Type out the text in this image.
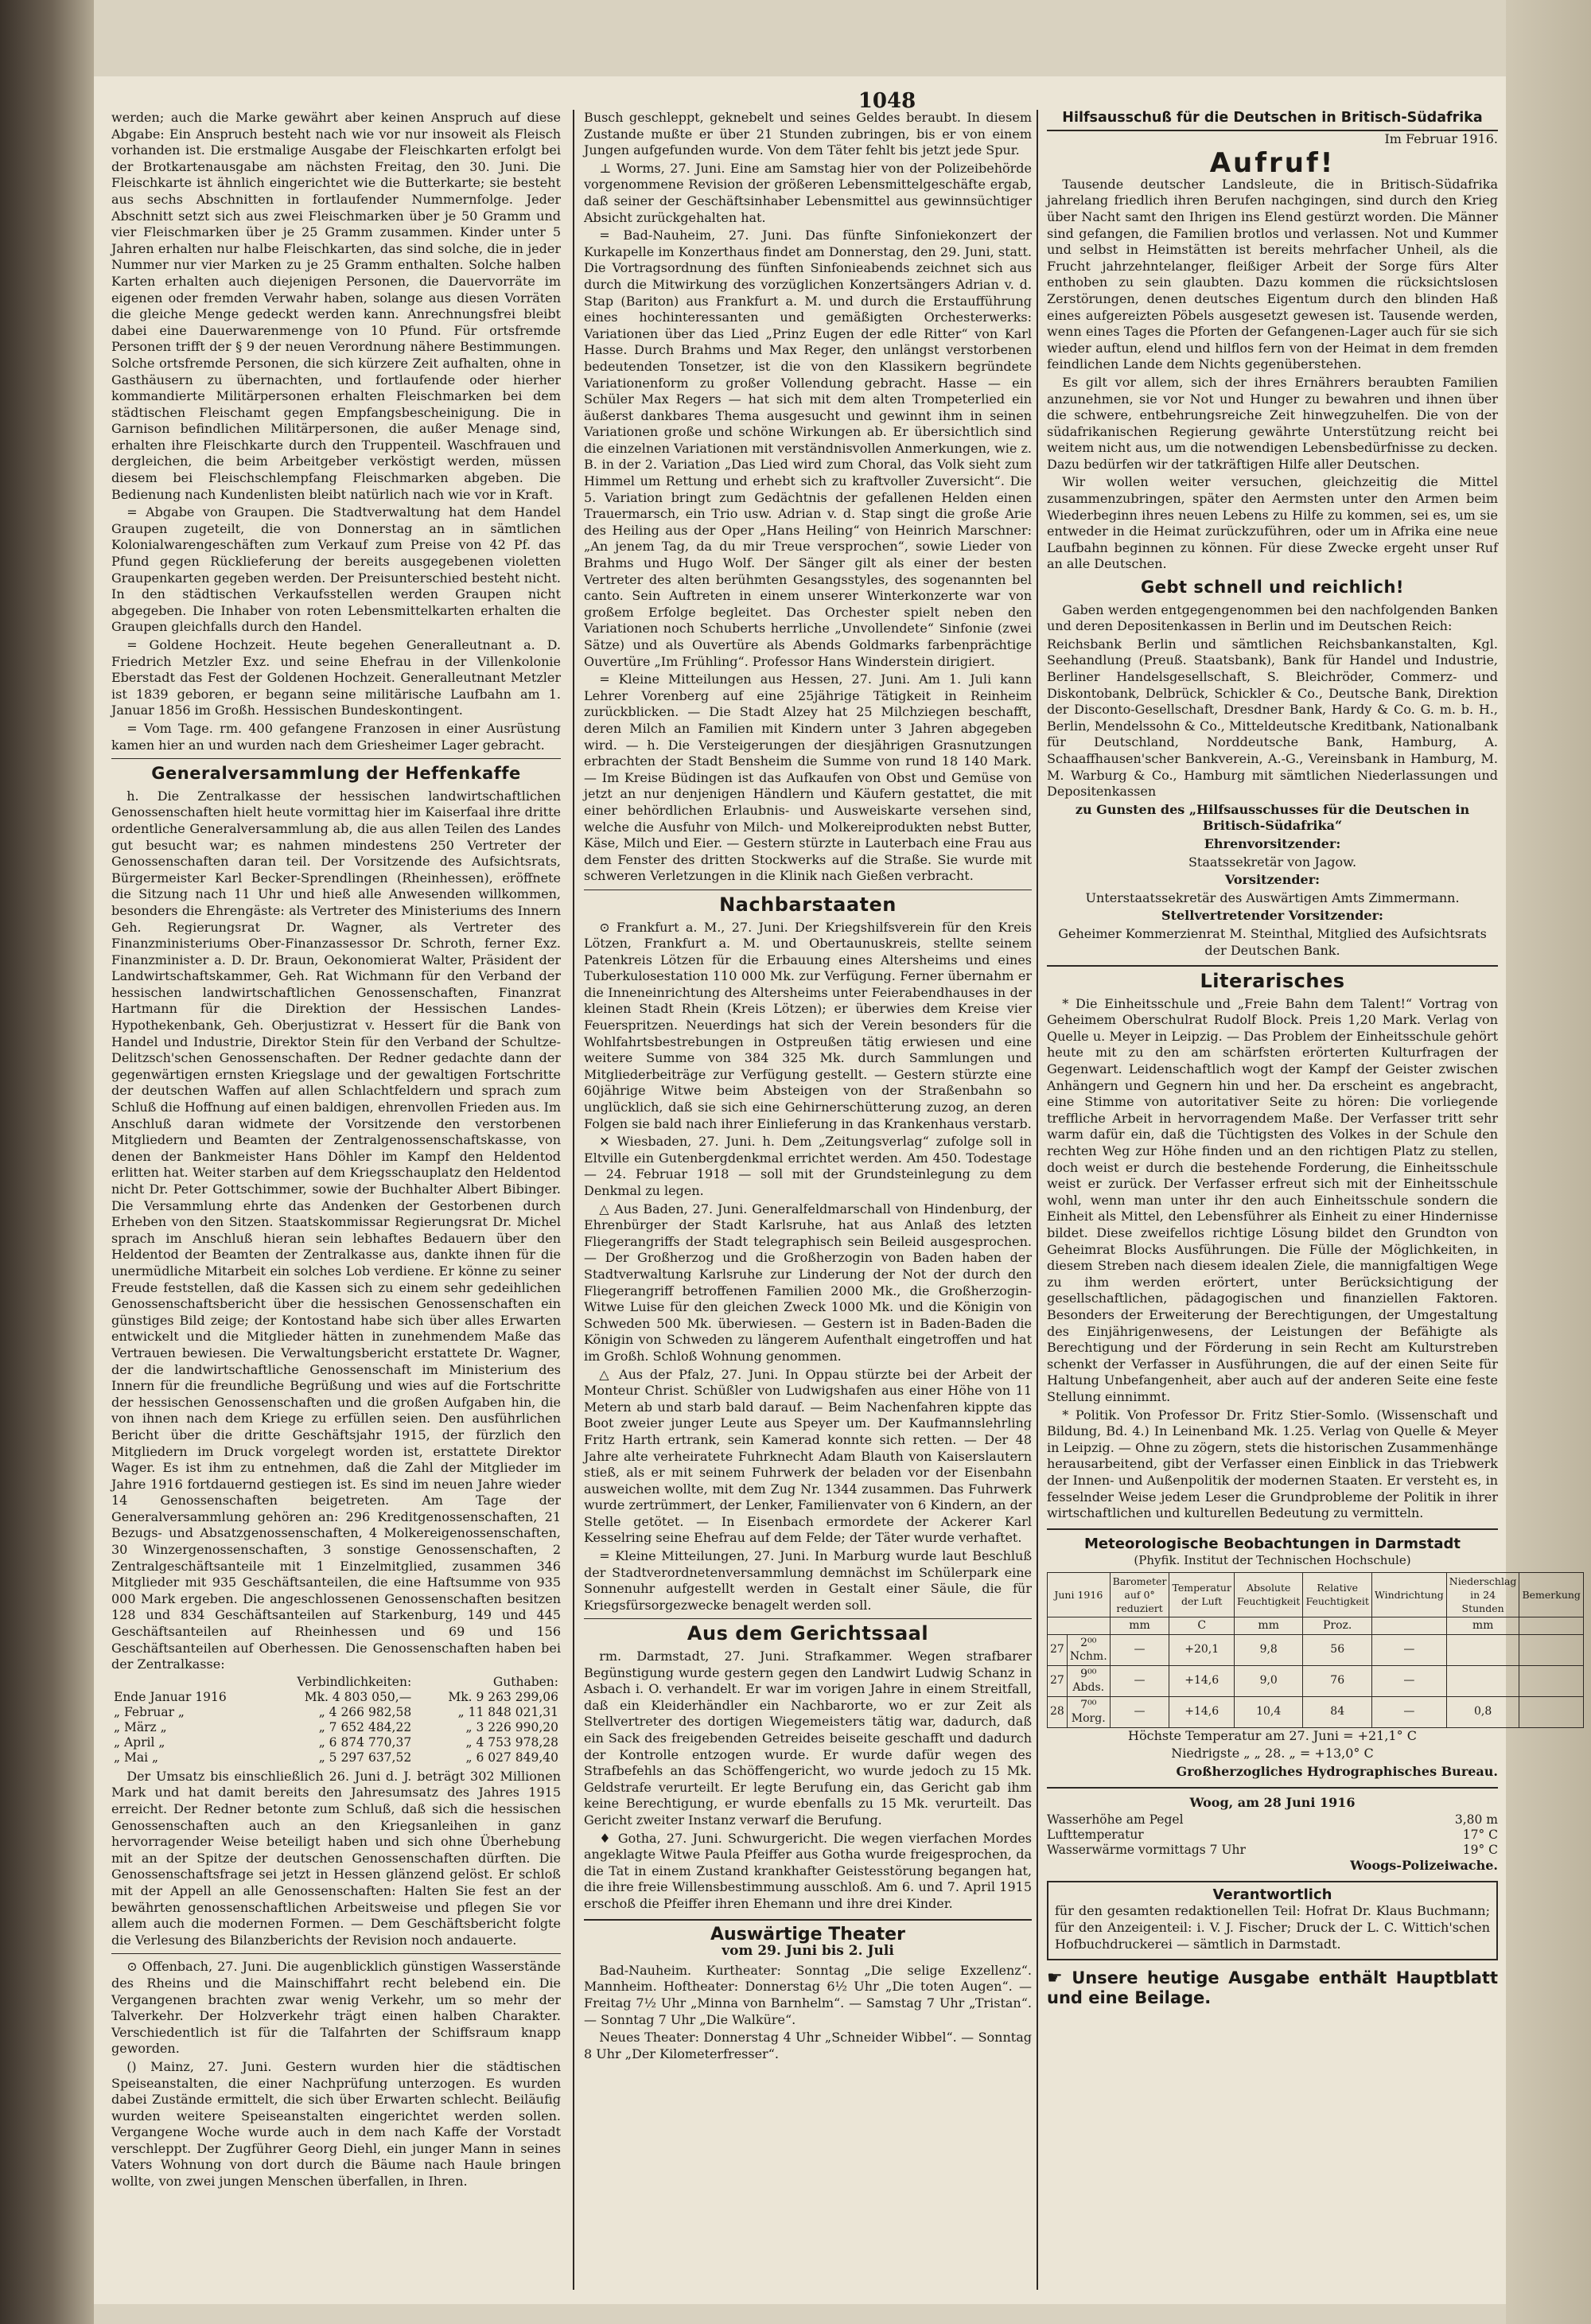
1048

werden; auch die Marke gewährt aber keinen Anspruch auf diese Abgabe: Ein Anspruch besteht nach wie vor nur insoweit als Fleisch vorhanden ist. Die erstmalige Ausgabe der Fleischkarten erfolgt bei der Brotkartenausgabe am nächsten Freitag, den 30. Juni. Die Fleischkarte ist ähnlich eingerichtet wie die Butterkarte; sie besteht aus sechs Abschnitten in fortlaufender Nummernfolge. Jeder Abschnitt setzt sich aus zwei Fleischmarken über je 50 Gramm und vier Fleischmarken über je 25 Gramm zusammen. Kinder unter 5 Jahren erhalten nur halbe Fleischkarten, das sind solche, die in jeder Nummer nur vier Marken zu je 25 Gramm enthalten. Solche halben Karten erhalten auch diejenigen Personen, die Dauervorräte im eigenen oder fremden Verwahr haben, solange aus diesen Vorräten die gleiche Menge gedeckt werden kann. Anrechnungsfrei bleibt dabei eine Dauerwarenmenge von 10 Pfund. Für ortsfremde Personen trifft der § 9 der neuen Verordnung nähere Bestimmungen. Solche ortsfremde Personen, die sich kürzere Zeit aufhalten, ohne in Gasthäusern zu übernachten, und fortlaufende oder hierher kommandierte Militärpersonen erhalten Fleischmarken bei dem städtischen Fleischamt gegen Empfangsbescheinigung. Die in Garnison befindlichen Militärpersonen, die außer Menage sind, erhalten ihre Fleischkarte durch den Truppenteil. Waschfrauen und dergleichen, die beim Arbeitgeber verköstigt werden, müssen diesem bei Fleischschlempfang Fleischmarken abgeben. Die Bedienung nach Kundenlisten bleibt natürlich nach wie vor in Kraft.

= Abgabe von Graupen. Die Stadtverwaltung hat dem Handel Graupen zugeteilt, die von Donnerstag an in sämtlichen Kolonialwarengeschäften zum Verkauf zum Preise von 42 Pf. das Pfund gegen Rücklieferung der bereits ausgegebenen violetten Graupenkarten gegeben werden. Der Preisunterschied besteht nicht. In den städtischen Verkaufsstellen werden Graupen nicht abgegeben. Die Inhaber von roten Lebensmittelkarten erhalten die Graupen gleichfalls durch den Handel.

= Goldene Hochzeit. Heute begehen Generalleutnant a. D. Friedrich Metzler Exz. und seine Ehefrau in der Villenkolonie Eberstadt das Fest der Goldenen Hochzeit. Generalleutnant Metzler ist 1839 geboren, er begann seine militärische Laufbahn am 1. Januar 1856 im Großh. Hessischen Bundeskontingent.

= Vom Tage. rm. 400 gefangene Franzosen in einer Ausrüstung kamen hier an und wurden nach dem Griesheimer Lager gebracht.

Generalversammlung der Heffenkaffe

h. Die Zentralkasse der hessischen landwirtschaftlichen Genossenschaften hielt heute vormittag hier im Kaiserfaal ihre dritte ordentliche Generalversammlung ab, die aus allen Teilen des Landes gut besucht war; es nahmen mindestens 250 Vertreter der Genossenschaften daran teil. Der Vorsitzende des Aufsichtsrats, Bürgermeister Karl Becker-Sprendlingen (Rheinhessen), eröffnete die Sitzung nach 11 Uhr und hieß alle Anwesenden willkommen, besonders die Ehrengäste: als Vertreter des Ministeriums des Innern Geh. Regierungsrat Dr. Wagner, als Vertreter des Finanzministeriums Ober-Finanzassessor Dr. Schroth, ferner Exz. Finanzminister a. D. Dr. Braun, Oekonomierat Walter, Präsident der Landwirtschaftskammer, Geh. Rat Wichmann für den Verband der hessischen landwirtschaftlichen Genossenschaften, Finanzrat Hartmann für die Direktion der Hessischen Landes-Hypothekenbank, Geh. Oberjustizrat v. Hessert für die Bank von Handel und Industrie, Direktor Stein für den Verband der Schultze-Delitzsch'schen Genossenschaften. Der Redner gedachte dann der gegenwärtigen ernsten Kriegslage und der gewaltigen Fortschritte der deutschen Waffen auf allen Schlachtfeldern und sprach zum Schluß die Hoffnung auf einen baldigen, ehrenvollen Frieden aus. Im Anschluß daran widmete der Vorsitzende den verstorbenen Mitgliedern und Beamten der Zentralgenossenschaftskasse, von denen der Bankmeister Hans Döhler im Kampf den Heldentod erlitten hat. Weiter starben auf dem Kriegsschauplatz den Heldentod nicht Dr. Peter Gottschimmer, sowie der Buchhalter Albert Bibinger. Die Versammlung ehrte das Andenken der Gestorbenen durch Erheben von den Sitzen. Staatskommissar Regierungsrat Dr. Michel sprach im Anschluß hieran sein lebhaftes Bedauern über den Heldentod der Beamten der Zentralkasse aus, dankte ihnen für die unermüdliche Mitarbeit ein solches Lob verdiene. Er könne zu seiner Freude feststellen, daß die Kassen sich zu einem sehr gedeihlichen Genossenschaftsbericht über die hessischen Genossenschaften ein günstiges Bild zeige; der Kontostand habe sich über alles Erwarten entwickelt und die Mitglieder hätten in zunehmendem Maße das Vertrauen bewiesen. Die Verwaltungsbericht erstattete Dr. Wagner, der die landwirtschaftliche Genossenschaft im Ministerium des Innern für die freundliche Begrüßung und wies auf die Fortschritte der hessischen Genossenschaften und die großen Aufgaben hin, die von ihnen nach dem Kriege zu erfüllen seien. Den ausführlichen Bericht über die dritte Geschäftsjahr 1915, der fürzlich den Mitgliedern im Druck vorgelegt worden ist, erstattete Direktor Wager. Es ist ihm zu entnehmen, daß die Zahl der Mitglieder im Jahre 1916 fortdauernd gestiegen ist. Es sind im neuen Jahre wieder 14 Genossenschaften beigetreten. Am Tage der Generalversammlung gehören an: 296 Kreditgenossenschaften, 21 Bezugs- und Absatzgenossenschaften, 4 Molkereigenossenschaften, 30 Winzergenossenschaften, 3 sonstige Genossenschaften, 2 Zentralgeschäftsanteile mit 1 Einzelmitglied, zusammen 346 Mitglieder mit 935 Geschäftsanteilen, die eine Haftsumme von 935 000 Mark ergeben. Die angeschlossenen Genossenschaften besitzen 128 und 834 Geschäftsanteilen auf Starkenburg, 149 und 445 Geschäftsanteilen auf Rheinhessen und 69 und 156 Geschäftsanteilen auf Oberhessen. Die Genossenschaften haben bei der Zentralkasse:

	Verbindlichkeiten:	Guthaben:
Ende Januar 1916	Mk. 4 803 050,—	Mk. 9 263 299,06
„ Februar „	„ 4 266 982,58	„ 11 848 021,31
„ März „	„ 7 652 484,22	„ 3 226 990,20
„ April „	„ 6 874 770,37	„ 4 753 978,28
„ Mai „	„ 5 297 637,52	„ 6 027 849,40

Der Umsatz bis einschließlich 26. Juni d. J. beträgt 302 Millionen Mark und hat damit bereits den Jahresumsatz des Jahres 1915 erreicht. Der Redner betonte zum Schluß, daß sich die hessischen Genossenschaften auch an den Kriegsanleihen in ganz hervorragender Weise beteiligt haben und sich ohne Überhebung mit an der Spitze der deutschen Genossenschaften dürften. Die Genossenschaftsfrage sei jetzt in Hessen glänzend gelöst. Er schloß mit der Appell an alle Genossenschaften: Halten Sie fest an der bewährten genossenschaftlichen Arbeitsweise und pflegen Sie vor allem auch die modernen Formen. — Dem Geschäftsbericht folgte die Verlesung des Bilanzberichts der Revision noch andauerte.

⊙ Offenbach, 27. Juni. Die augenblicklich günstigen Wasserstände des Rheins und die Mainschiffahrt recht belebend ein. Die Vergangenen brachten zwar wenig Verkehr, um so mehr der Talverkehr. Der Holzverkehr trägt einen halben Charakter. Verschiedentlich ist für die Talfahrten der Schiffsraum knapp geworden.

() Mainz, 27. Juni. Gestern wurden hier die städtischen Speiseanstalten, die einer Nachprüfung unterzogen. Es wurden dabei Zustände ermittelt, die sich über Erwarten schlecht. Beiläufig wurden weitere Speiseanstalten eingerichtet werden sollen. Vergangene Woche wurde auch in dem nach Kaffe der Vorstadt verschleppt. Der Zugführer Georg Diehl, ein junger Mann in seines Vaters Wohnung von dort durch die Bäume nach Haule bringen wollte, von zwei jungen Menschen überfallen, in Ihren.

Busch geschleppt, geknebelt und seines Geldes beraubt. In diesem Zustande mußte er über 21 Stunden zubringen, bis er von einem Jungen aufgefunden wurde. Von dem Täter fehlt bis jetzt jede Spur.

⊥ Worms, 27. Juni. Eine am Samstag hier von der Polizeibehörde vorgenommene Revision der größeren Lebensmittelgeschäfte ergab, daß seiner der Geschäftsinhaber Lebensmittel aus gewinnsüchtiger Absicht zurückgehalten hat.

= Bad-Nauheim, 27. Juni. Das fünfte Sinfoniekonzert der Kurkapelle im Konzerthaus findet am Donnerstag, den 29. Juni, statt. Die Vortragsordnung des fünften Sinfonieabends zeichnet sich aus durch die Mitwirkung des vorzüglichen Konzertsängers Adrian v. d. Stap (Bariton) aus Frankfurt a. M. und durch die Erstaufführung eines hochinteressanten und gemäßigten Orchesterwerks: Variationen über das Lied „Prinz Eugen der edle Ritter“ von Karl Hasse. Durch Brahms und Max Reger, den unlängst verstorbenen bedeutenden Tonsetzer, ist die von den Klassikern begründete Variationenform zu großer Vollendung gebracht. Hasse — ein Schüler Max Regers — hat sich mit dem alten Trompeterlied ein äußerst dankbares Thema ausgesucht und gewinnt ihm in seinen Variationen große und schöne Wirkungen ab. Er übersichtlich sind die einzelnen Variationen mit verständnisvollen Anmerkungen, wie z. B. in der 2. Variation „Das Lied wird zum Choral, das Volk sieht zum Himmel um Rettung und erhebt sich zu kraftvoller Zuversicht“. Die 5. Variation bringt zum Gedächtnis der gefallenen Helden einen Trauermarsch, ein Trio usw. Adrian v. d. Stap singt die große Arie des Heiling aus der Oper „Hans Heiling“ von Heinrich Marschner: „An jenem Tag, da du mir Treue versprochen“, sowie Lieder von Brahms und Hugo Wolf. Der Sänger gilt als einer der besten Vertreter des alten berühmten Gesangsstyles, des sogenannten bel canto. Sein Auftreten in einem unserer Winterkonzerte war von großem Erfolge begleitet. Das Orchester spielt neben den Variationen noch Schuberts herrliche „Unvollendete“ Sinfonie (zwei Sätze) und als Ouvertüre als Abends Goldmarks farbenprächtige Ouvertüre „Im Frühling“. Professor Hans Winderstein dirigiert.

= Kleine Mitteilungen aus Hessen, 27. Juni. Am 1. Juli kann Lehrer Vorenberg auf eine 25jährige Tätigkeit in Reinheim zurückblicken. — Die Stadt Alzey hat 25 Milchziegen beschafft, deren Milch an Familien mit Kindern unter 3 Jahren abgegeben wird. — h. Die Versteigerungen der diesjährigen Grasnutzungen erbrachten der Stadt Bensheim die Summe von rund 18 140 Mark. — Im Kreise Büdingen ist das Aufkaufen von Obst und Gemüse von jetzt an nur denjenigen Händlern und Käufern gestattet, die mit einer behördlichen Erlaubnis- und Ausweiskarte versehen sind, welche die Ausfuhr von Milch- und Molkereiprodukten nebst Butter, Käse, Milch und Eier. — Gestern stürzte in Lauterbach eine Frau aus dem Fenster des dritten Stockwerks auf die Straße. Sie wurde mit schweren Verletzungen in die Klinik nach Gießen verbracht.

Nachbarstaaten

⊙ Frankfurt a. M., 27. Juni. Der Kriegshilfsverein für den Kreis Lötzen, Frankfurt a. M. und Obertaunuskreis, stellte seinem Patenkreis Lötzen für die Erbauung eines Altersheims und eines Tuberkulosestation 110 000 Mk. zur Verfügung. Ferner übernahm er die Inneneinrichtung des Altersheims unter Feierabendhauses in der kleinen Stadt Rhein (Kreis Lötzen); er überwies dem Kreise vier Feuerspritzen. Neuerdings hat sich der Verein besonders für die Wohlfahrtsbestrebungen in Ostpreußen tätig erwiesen und eine weitere Summe von 384 325 Mk. durch Sammlungen und Mitgliederbeiträge zur Verfügung gestellt. — Gestern stürzte eine 60jährige Witwe beim Absteigen von der Straßenbahn so unglücklich, daß sie sich eine Gehirnerschütterung zuzog, an deren Folgen sie bald nach ihrer Einlieferung in das Krankenhaus verstarb.

✕ Wiesbaden, 27. Juni. h. Dem „Zeitungsverlag“ zufolge soll in Eltville ein Gutenbergdenkmal errichtet werden. Am 450. Todestage — 24. Februar 1918 — soll mit der Grundsteinlegung zu dem Denkmal zu legen.

△ Aus Baden, 27. Juni. Generalfeldmarschall von Hindenburg, der Ehrenbürger der Stadt Karlsruhe, hat aus Anlaß des letzten Fliegerangriffs der Stadt telegraphisch sein Beileid ausgesprochen. — Der Großherzog und die Großherzogin von Baden haben der Stadtverwaltung Karlsruhe zur Linderung der Not der durch den Fliegerangriff betroffenen Familien 2000 Mk., die Großherzogin-Witwe Luise für den gleichen Zweck 1000 Mk. und die Königin von Schweden 500 Mk. überwiesen. — Gestern ist in Baden-Baden die Königin von Schweden zu längerem Aufenthalt eingetroffen und hat im Großh. Schloß Wohnung genommen.

△ Aus der Pfalz, 27. Juni. In Oppau stürzte bei der Arbeit der Monteur Christ. Schüßler von Ludwigshafen aus einer Höhe von 11 Metern ab und starb bald darauf. — Beim Nachenfahren kippte das Boot zweier junger Leute aus Speyer um. Der Kaufmannslehrling Fritz Harth ertrank, sein Kamerad konnte sich retten. — Der 48 Jahre alte verheiratete Fuhrknecht Adam Blauth von Kaiserslautern stieß, als er mit seinem Fuhrwerk der beladen vor der Eisenbahn ausweichen wollte, mit dem Zug Nr. 1344 zusammen. Das Fuhrwerk wurde zertrümmert, der Lenker, Familienvater von 6 Kindern, an der Stelle getötet. — In Eisenbach ermordete der Ackerer Karl Kesselring seine Ehefrau auf dem Felde; der Täter wurde verhaftet.

= Kleine Mitteilungen, 27. Juni. In Marburg wurde laut Beschluß der Stadtverordnetenversammlung demnächst im Schülerpark eine Sonnenuhr aufgestellt werden in Gestalt einer Säule, die für Kriegsfürsorgezwecke benagelt werden soll.

Aus dem Gerichtssaal

rm. Darmstadt, 27. Juni. Strafkammer. Wegen strafbarer Begünstigung wurde gestern gegen den Landwirt Ludwig Schanz in Asbach i. O. verhandelt. Er war im vorigen Jahre in einem Streitfall, daß ein Kleiderhändler ein Nachbarorte, wo er zur Zeit als Stellvertreter des dortigen Wiegemeisters tätig war, dadurch, daß ein Sack des freigebenden Getreides beiseite geschafft und dadurch der Kontrolle entzogen wurde. Er wurde dafür wegen des Strafbefehls an das Schöffengericht, wo wurde jedoch zu 15 Mk. Geldstrafe verurteilt. Er legte Berufung ein, das Gericht gab ihm keine Berechtigung, er wurde ebenfalls zu 15 Mk. verurteilt. Das Gericht zweiter Instanz verwarf die Berufung.

♦ Gotha, 27. Juni. Schwurgericht. Die wegen vierfachen Mordes angeklagte Witwe Paula Pfeiffer aus Gotha wurde freigesprochen, da die Tat in einem Zustand krankhafter Geistesstörung begangen hat, die ihre freie Willensbestimmung ausschloß. Am 6. und 7. April 1915 erschoß die Pfeiffer ihren Ehemann und ihre drei Kinder.

Auswärtige Theater
vom 29. Juni bis 2. Juli

Bad-Nauheim. Kurtheater: Sonntag „Die selige Exzellenz“. Mannheim. Hoftheater: Donnerstag 6½ Uhr „Die toten Augen“. — Freitag 7½ Uhr „Minna von Barnhelm“. — Samstag 7 Uhr „Tristan“. — Sonntag 7 Uhr „Die Walküre“.

Neues Theater: Donnerstag 4 Uhr „Schneider Wibbel“. — Sonntag 8 Uhr „Der Kilometerfresser“.

Hilfsausschuß für die Deutschen in Britisch-Südafrika

Im Februar 1916.

Aufruf!

Tausende deutscher Landsleute, die in Britisch-Südafrika jahrelang friedlich ihren Berufen nachgingen, sind durch den Krieg über Nacht samt den Ihrigen ins Elend gestürzt worden. Die Männer sind gefangen, die Familien brotlos und verlassen. Not und Kummer und selbst in Heimstätten ist bereits mehrfacher Unheil, als die Frucht jahrzehntelanger, fleißiger Arbeit der Sorge fürs Alter enthoben zu sein glaubten. Dazu kommen die rücksichtslosen Zerstörungen, denen deutsches Eigentum durch den blinden Haß eines aufgereizten Pöbels ausgesetzt gewesen ist. Tausende werden, wenn eines Tages die Pforten der Gefangenen-Lager auch für sie sich wieder auftun, elend und hilflos fern von der Heimat in dem fremden feindlichen Lande dem Nichts gegenüberstehen.

Es gilt vor allem, sich der ihres Ernährers beraubten Familien anzunehmen, sie vor Not und Hunger zu bewahren und ihnen über die schwere, entbehrungsreiche Zeit hinwegzuhelfen. Die von der südafrikanischen Regierung gewährte Unterstützung reicht bei weitem nicht aus, um die notwendigen Lebensbedürfnisse zu decken. Dazu bedürfen wir der tatkräftigen Hilfe aller Deutschen.

Wir wollen weiter versuchen, gleichzeitig die Mittel zusammenzubringen, später den Aermsten unter den Armen beim Wiederbeginn ihres neuen Lebens zu Hilfe zu kommen, sei es, um sie entweder in die Heimat zurückzuführen, oder um in Afrika eine neue Laufbahn beginnen zu können. Für diese Zwecke ergeht unser Ruf an alle Deutschen.

Gebt schnell und reichlich!

Gaben werden entgegengenommen bei den nachfolgenden Banken und deren Depositenkassen in Berlin und im Deutschen Reich:

Reichsbank Berlin und sämtlichen Reichsbankanstalten, Kgl. Seehandlung (Preuß. Staatsbank), Bank für Handel und Industrie, Berliner Handelsgesellschaft, S. Bleichröder, Commerz- und Diskontobank, Delbrück, Schickler & Co., Deutsche Bank, Direktion der Disconto-Gesellschaft, Dresdner Bank, Hardy & Co. G. m. b. H., Berlin, Mendelssohn & Co., Mitteldeutsche Kreditbank, Nationalbank für Deutschland, Norddeutsche Bank, Hamburg, A. Schaaffhausen'scher Bankverein, A.-G., Vereinsbank in Hamburg, M. M. Warburg & Co., Hamburg mit sämtlichen Niederlassungen und Depositenkassen

zu Gunsten des „Hilfsausschusses für die Deutschen in Britisch-Südafrika“

Ehrenvorsitzender:

Staatssekretär von Jagow.

Vorsitzender:

Unterstaatssekretär des Auswärtigen Amts Zimmermann.

Stellvertretender Vorsitzender:

Geheimer Kommerzienrat M. Steinthal, Mitglied des Aufsichtsrats der Deutschen Bank.

Literarisches

* Die Einheitsschule und „Freie Bahn dem Talent!“ Vortrag von Geheimem Oberschulrat Rudolf Block. Preis 1,20 Mark. Verlag von Quelle u. Meyer in Leipzig. — Das Problem der Einheitsschule gehört heute mit zu den am schärfsten erörterten Kulturfragen der Gegenwart. Leidenschaftlich wogt der Kampf der Geister zwischen Anhängern und Gegnern hin und her. Da erscheint es angebracht, eine Stimme von autoritativer Seite zu hören: Die vorliegende treffliche Arbeit in hervorragendem Maße. Der Verfasser tritt sehr warm dafür ein, daß die Tüchtigsten des Volkes in der Schule den rechten Weg zur Höhe finden und an den richtigen Platz zu stellen, doch weist er durch die bestehende Forderung, die Einheitsschule weist er zurück. Der Verfasser erfreut sich mit der Einheitsschule wohl, wenn man unter ihr den auch Einheitsschule sondern die Einheit als Mittel, den Lebensführer als Einheit zu einer Hindernisse bildet. Diese zweifellos richtige Lösung bildet den Grundton von Geheimrat Blocks Ausführungen. Die Fülle der Möglichkeiten, in diesem Streben nach diesem idealen Ziele, die mannigfaltigen Wege zu ihm werden erörtert, unter Berücksichtigung der gesellschaftlichen, pädagogischen und finanziellen Faktoren. Besonders der Erweiterung der Berechtigungen, der Umgestaltung des Einjährigenwesens, der Leistungen der Befähigte als Berechtigung und der Förderung in sein Recht am Kulturstreben schenkt der Verfasser in Ausführungen, die auf der einen Seite für Haltung Unbefangenheit, aber auch auf der anderen Seite eine feste Stellung einnimmt.

* Politik. Von Professor Dr. Fritz Stier-Somlo. (Wissenschaft und Bildung, Bd. 4.) In Leinenband Mk. 1.25. Verlag von Quelle & Meyer in Leipzig. — Ohne zu zögern, stets die historischen Zusammenhänge herausarbeitend, gibt der Verfasser einen Einblick in das Triebwerk der Innen- und Außenpolitik der modernen Staaten. Er versteht es, in fesselnder Weise jedem Leser die Grundprobleme der Politik in ihrer wirtschaftlichen und kulturellen Bedeutung zu vermitteln.

Meteorologische Beobachtungen in Darmstadt
(Phyfik. Institut der Technischen Hochschule)
Juni 1916		Barometer auf 0° reduziert	Temperatur der Luft	Absolute Feuchtigkeit	Relative Feuchtigkeit	Windrichtung	Niederschlag in 24 Stunden	Bemerkung
		mm	C	mm	Proz.		mm	
27	2⁰⁰ Nchm.	—	+20,1	9,8	56	—		
27	9⁰⁰ Abds.	—	+14,6	9,0	76	—		
28	7⁰⁰ Morg.	—	+14,6	10,4	84	—	0,8	

Höchste Temperatur am 27. Juni = +21,1° C

Niedrigste „ „ 28. „ = +13,0° C

Großherzogliches Hydrographisches Bureau.

Woog, am 28 Juni 1916

Wasserhöhe am Pegel	3,80 m
Lufttemperatur	17° C
Wasserwärme vormittags 7 Uhr	19° C

Woogs-Polizeiwache.

Verantwortlich

für den gesamten redaktionellen Teil: Hofrat Dr. Klaus Buchmann; für den Anzeigenteil: i. V. J. Fischer; Druck der L. C. Wittich'schen Hofbuchdruckerei — sämtlich in Darmstadt.

☛ Unsere heutige Ausgabe enthält Hauptblatt und eine Beilage.
